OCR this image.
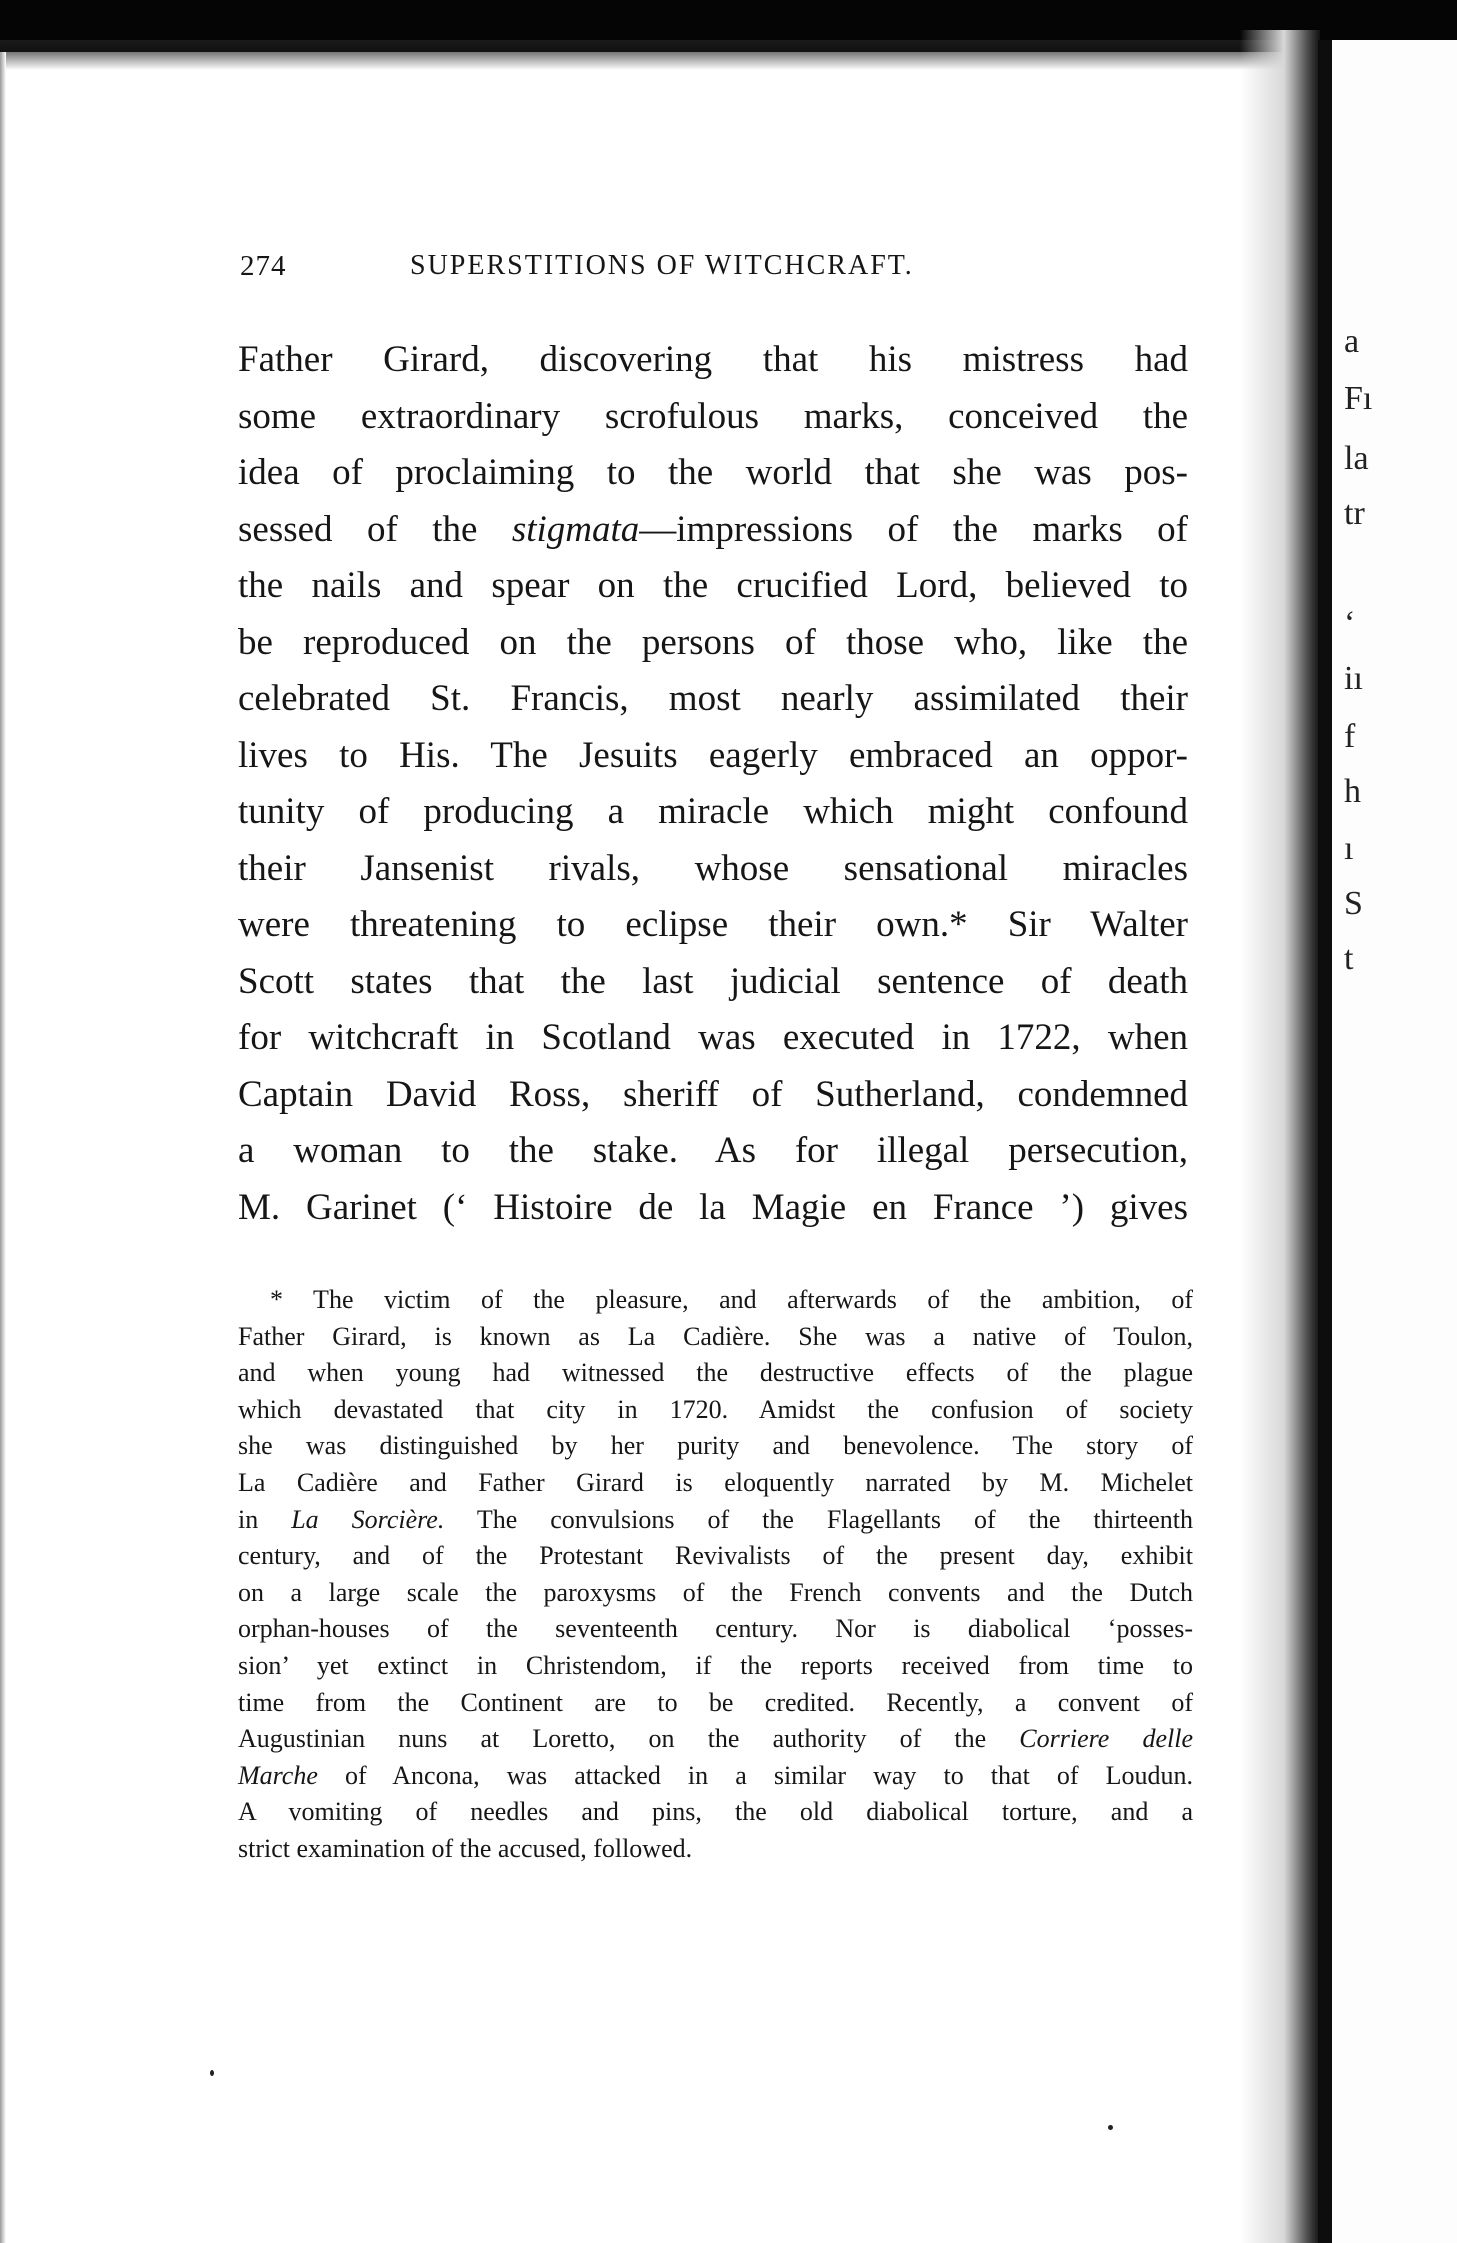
a
Fı
la
tr
‘
iı
f
h
ı
S
t
274	SUPERSTITIONS OF WITCHCRAFT.
Father Girard, discovering that his mistress had
some extraordinary scrofulous marks, conceived the
idea of proclaiming to the world that she was pos-
sessed of the stigmata—impressions of the marks of
the nails and spear on the crucified Lord, believed to
be reproduced on the persons of those who, like the
celebrated St. Francis, most nearly assimilated their
lives to His. The Jesuits eagerly embraced an oppor-
tunity of producing a miracle which might confound
their Jansenist rivals, whose sensational miracles
were threatening to eclipse their own.* Sir Walter
Scott states that the last judicial sentence of death
for witchcraft in Scotland was executed in 1722, when
Captain David Ross, sheriff of Sutherland, condemned
a woman to the stake. As for illegal persecution,
M. Garinet (‘ Histoire de la Magie en France ’) gives
* The victim of the pleasure, and afterwards of the ambition, of
Father Girard, is known as La Cadière. She was a native of Toulon,
and when young had witnessed the destructive effects of the plague
which devastated that city in 1720. Amidst the confusion of society
she was distinguished by her purity and benevolence. The story of
La Cadière and Father Girard is eloquently narrated by M. Michelet
in La Sorcière. The convulsions of the Flagellants of the thirteenth
century, and of the Protestant Revivalists of the present day, exhibit
on a large scale the paroxysms of the French convents and the Dutch
orphan-houses of the seventeenth century. Nor is diabolical ‘posses-
sion’ yet extinct in Christendom, if the reports received from time to
time from the Continent are to be credited. Recently, a convent of
Augustinian nuns at Loretto, on the authority of the Corriere delle
Marche of Ancona, was attacked in a similar way to that of Loudun.
A vomiting of needles and pins, the old diabolical torture, and a
strict examination of the accused, followed.
